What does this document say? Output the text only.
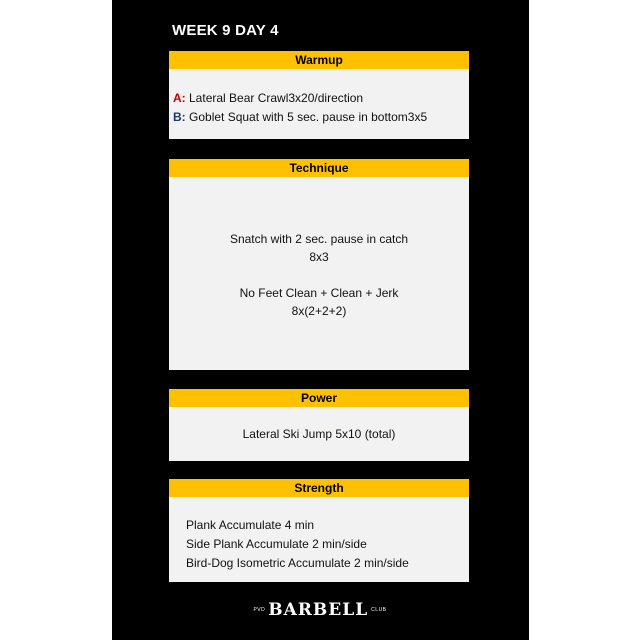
WEEK 9 DAY 4
Warmup
A: Lateral Bear Crawl3x20/direction
B: Goblet Squat with 5 sec. pause in bottom3x5
Technique
Snatch with 2 sec. pause in catch
8x3
No Feet Clean + Clean + Jerk
8x(2+2+2)
Power
Lateral Ski Jump 5x10 (total)
Strength
Plank Accumulate 4 min
Side Plank Accumulate 2 min/side
Bird-Dog Isometric Accumulate 2 min/side
PVD BARBELL CLUB
